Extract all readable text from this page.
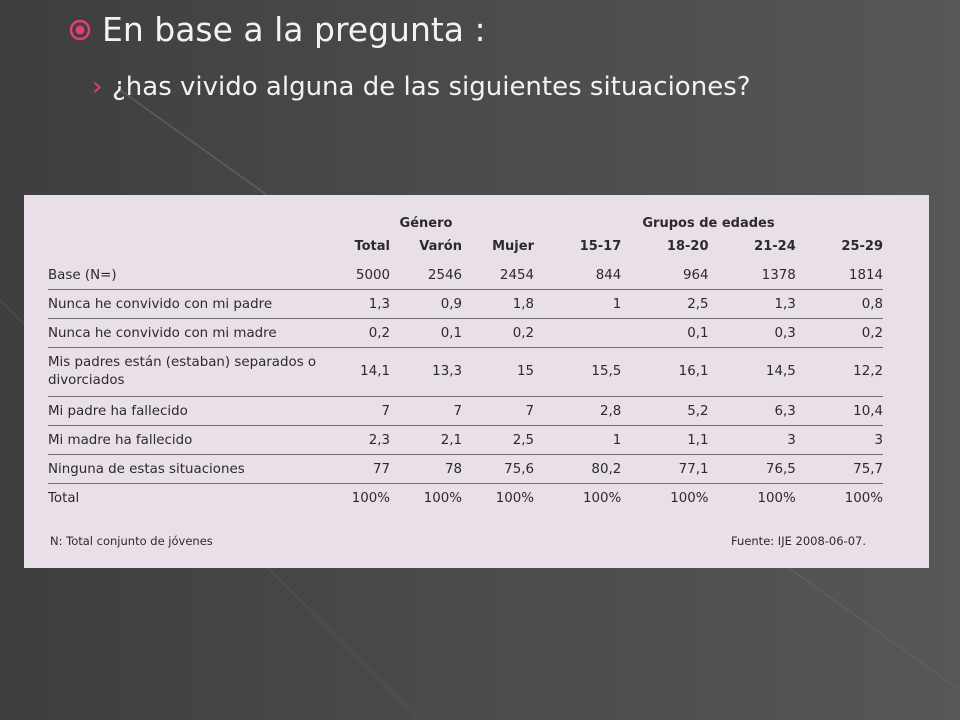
En base a la pregunta :
› ¿has vivido alguna de las siguientes situaciones?
		Género			Grupos de edades			
	Total	Varón	Mujer		15-17	18-20	21-24	25-29
Base (N=)	5000	2546	2454		844	964	1378	1814
Nunca he convivido con mi padre	1,3	0,9	1,8		1	2,5	1,3	0,8
Nunca he convivido con mi madre	0,2	0,1	0,2			0,1	0,3	0,2
Mis padres están (estaban) separados o divorciados	14,1	13,3	15		15,5	16,1	14,5	12,2
Mi padre ha fallecido	7	7	7		2,8	5,2	6,3	10,4
Mi madre ha fallecido	2,3	2,1	2,5		1	1,1	3	3
Ninguna de estas situaciones	77	78	75,6		80,2	77,1	76,5	75,7
Total	100%	100%	100%		100%	100%	100%	100%
N: Total conjunto de jóvenes	Fuente: IJE 2008-06-07.
